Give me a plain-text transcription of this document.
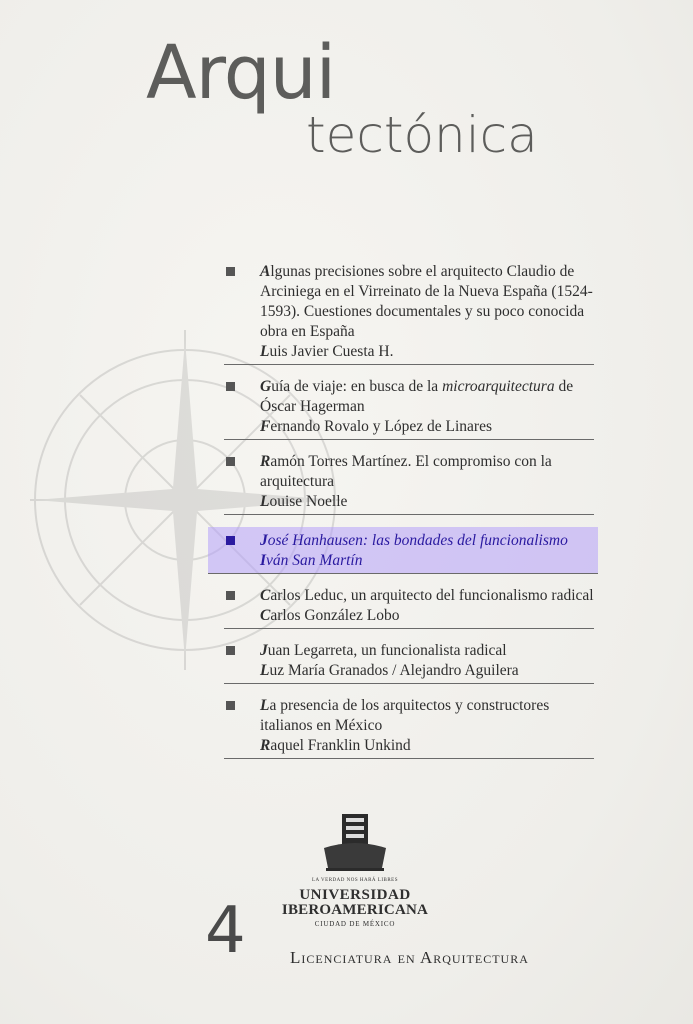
Arqui
tectónica
Algunas precisiones sobre el arquitecto Claudio de Arciniega en el Virreinato de la Nueva España (1524-1593). Cuestiones documentales y su poco conocida obra en España
Luis Javier Cuesta H.
Guía de viaje: en busca de la microarquitectura de Óscar Hagerman
Fernando Rovalo y López de Linares
Ramón Torres Martínez. El compromiso con la arquitectura
Louise Noelle
José Hanhausen: las bondades del funcionalismo
Iván San Martín
Carlos Leduc, un arquitecto del funcionalismo radical
Carlos González Lobo
Juan Legarreta, un funcionalista radical
Luz María Granados / Alejandro Aguilera
La presencia de los arquitectos y constructores italianos en México
Raquel Franklin Unkind
LA VERDAD NOS HARÁ LIBRES
UNIVERSIDAD
IBEROAMERICANA
CIUDAD DE MÉXICO
4	Licenciatura en Arquitectura
